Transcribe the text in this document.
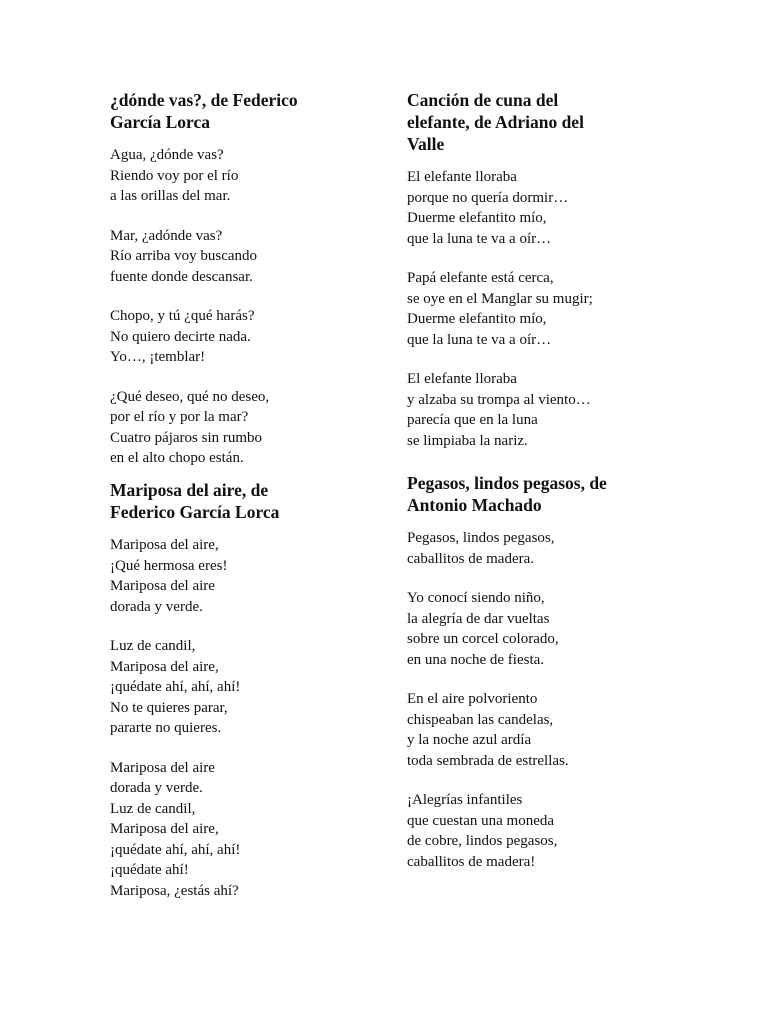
¿dónde vas?, de Federico
García Lorca
Agua, ¿dónde vas?
Riendo voy por el río
a las orillas del mar.
Mar, ¿adónde vas?
Río arriba voy buscando
fuente donde descansar.
Chopo, y tú ¿qué harás?
No quiero decirte nada.
Yo…, ¡temblar!
¿Qué deseo, qué no deseo,
por el río y por la mar?
Cuatro pájaros sin rumbo
en el alto chopo están.
Mariposa del aire, de
Federico García Lorca
Mariposa del aire,
¡Qué hermosa eres!
Mariposa del aire
dorada y verde.
Luz de candil,
Mariposa del aire,
¡quédate ahí, ahí, ahí!
No te quieres parar,
pararte no quieres.
Mariposa del aire
dorada y verde.
Luz de candil,
Mariposa del aire,
¡quédate ahí, ahí, ahí!
¡quédate ahí!
Mariposa, ¿estás ahí?
Canción de cuna del
elefante, de Adriano del
Valle
El elefante lloraba
porque no quería dormir…
Duerme elefantito mío,
que la luna te va a oír…
Papá elefante está cerca,
se oye en el Manglar su mugir;
Duerme elefantito mío,
que la luna te va a oír…
El elefante lloraba
y alzaba su trompa al viento…
parecía que en la luna
se limpiaba la nariz.
Pegasos, lindos pegasos, de
Antonio Machado
Pegasos, lindos pegasos,
caballitos de madera.
Yo conocí siendo niño,
la alegría de dar vueltas
sobre un corcel colorado,
en una noche de fiesta.
En el aire polvoriento
chispeaban las candelas,
y la noche azul ardía
toda sembrada de estrellas.
¡Alegrías infantiles
que cuestan una moneda
de cobre, lindos pegasos,
caballitos de madera!
